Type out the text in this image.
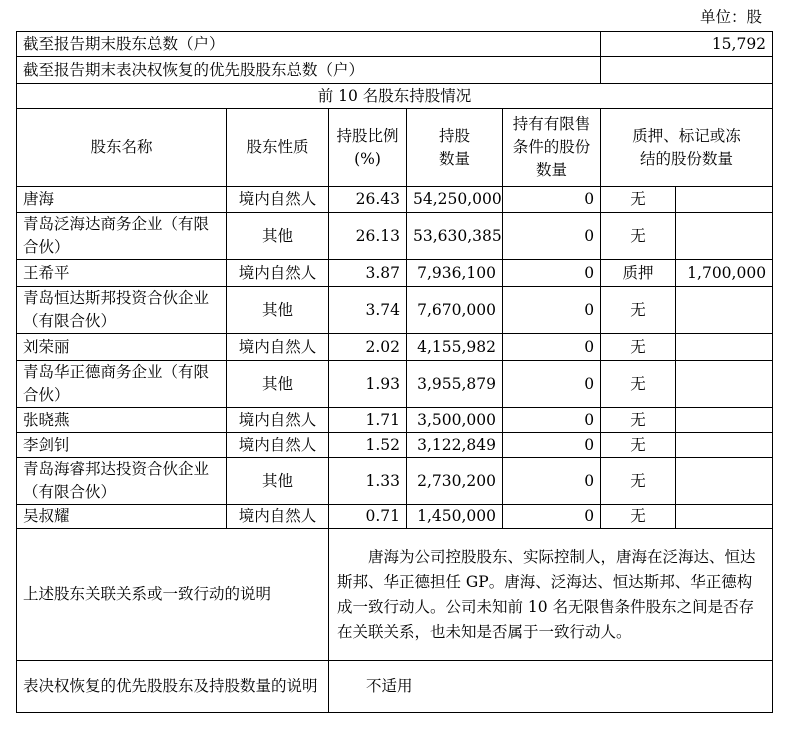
单位：股
截至报告期末股东总数（户）					15,792	
截至报告期末表决权恢复的优先股股东总数（户）						
前 10 名股东持股情况						
股东名称	股东性质	持股比例(%)	持股数量	持有有限售条件的股份数量	质押、标记或冻结的股份数量	
唐海	境内自然人	26.43	54,250,000	0	无	
青岛泛海达商务企业（有限合伙）	其他	26.13	53,630,385	0	无	
王希平	境内自然人	3.87	7,936,100	0	质押	1,700,000
青岛恒达斯邦投资合伙企业（有限合伙）	其他	3.74	7,670,000	0	无	
刘荣丽	境内自然人	2.02	4,155,982	0	无	
青岛华正德商务企业（有限合伙）	其他	1.93	3,955,879	0	无	
张晓燕	境内自然人	1.71	3,500,000	0	无	
李剑钊	境内自然人	1.52	3,122,849	0	无	
青岛海睿邦达投资合伙企业（有限合伙）	其他	1.33	2,730,200	0	无	
吴叔耀	境内自然人	0.71	1,450,000	0	无	
上述股东关联关系或一致行动的说明		唐海为公司控股股东、实际控制人，唐海在泛海达、恒达斯邦、华正德担任 GP。唐海、泛海达、恒达斯邦、华正德构成一致行动人。公司未知前 10 名无限售条件股东之间是否存在关联关系，也未知是否属于一致行动人。				
表决权恢复的优先股股东及持股数量的说明		不适用				
